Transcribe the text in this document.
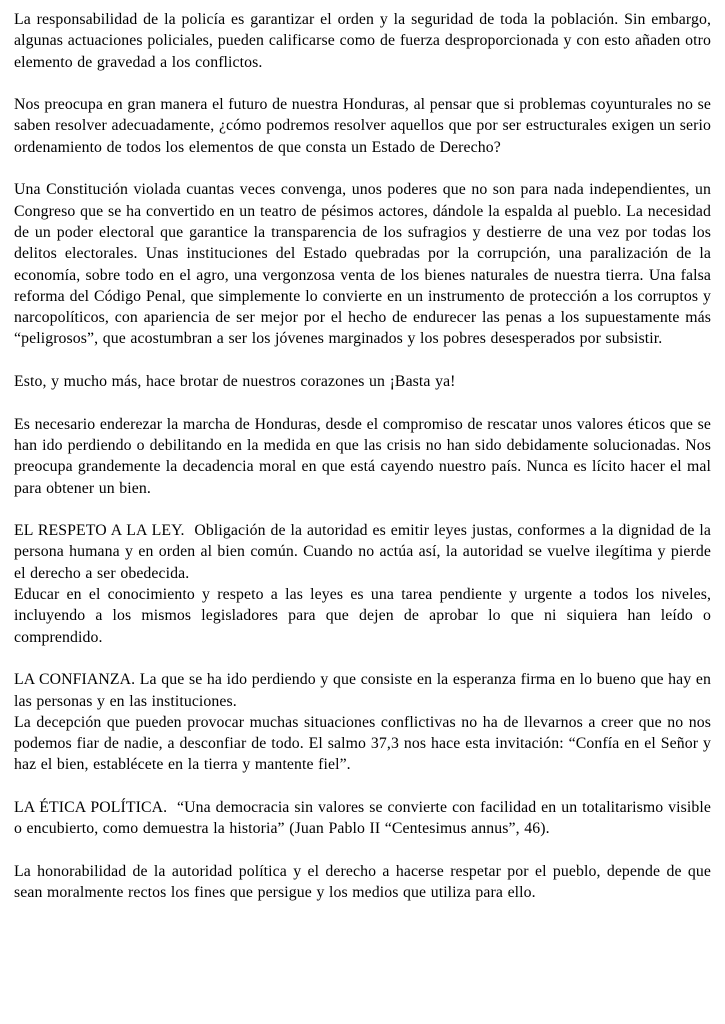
La responsabilidad de la policía es garantizar el orden y la seguridad de toda la población. Sin embargo, algunas actuaciones policiales, pueden calificarse como de fuerza desproporcionada y con esto añaden otro elemento de gravedad a los conflictos.

Nos preocupa en gran manera el futuro de nuestra Honduras, al pensar que si problemas coyunturales no se saben resolver adecuadamente, ¿cómo podremos resolver aquellos que por ser estructurales exigen un serio ordenamiento de todos los elementos de que consta un Estado de Derecho?

Una Constitución violada cuantas veces convenga, unos poderes que no son para nada independientes, un Congreso que se ha convertido en un teatro de pésimos actores, dándole la espalda al pueblo. La necesidad de un poder electoral que garantice la transparencia de los sufragios y destierre de una vez por todas los delitos electorales. Unas instituciones del Estado quebradas por la corrupción, una paralización de la economía, sobre todo en el agro, una vergonzosa venta de los bienes naturales de nuestra tierra. Una falsa reforma del Código Penal, que simplemente lo convierte en un instrumento de protección a los corruptos y narcopolíticos, con apariencia de ser mejor por el hecho de endurecer las penas a los supuestamente más “peligrosos”, que acostumbran a ser los jóvenes marginados y los pobres desesperados por subsistir.

Esto, y mucho más, hace brotar de nuestros corazones un ¡Basta ya!

Es necesario enderezar la marcha de Honduras, desde el compromiso de rescatar unos valores éticos que se han ido perdiendo o debilitando en la medida en que las crisis no han sido debidamente solucionadas. Nos preocupa grandemente la decadencia moral en que está cayendo nuestro país. Nunca es lícito hacer el mal para obtener un bien.

EL RESPETO A LA LEY.  Obligación de la autoridad es emitir leyes justas, conformes a la dignidad de la persona humana y en orden al bien común. Cuando no actúa así, la autoridad se vuelve ilegítima y pierde el derecho a ser obedecida.

Educar en el conocimiento y respeto a las leyes es una tarea pendiente y urgente a todos los niveles, incluyendo a los mismos legisladores para que dejen de aprobar lo que ni siquiera han leído o comprendido.

LA CONFIANZA. La que se ha ido perdiendo y que consiste en la esperanza firma en lo bueno que hay en las personas y en las instituciones.

La decepción que pueden provocar muchas situaciones conflictivas no ha de llevarnos a creer que no nos podemos fiar de nadie, a desconfiar de todo. El salmo 37,3 nos hace esta invitación: “Confía en el Señor y haz el bien, establécete en la tierra y mantente fiel”.

LA ÉTICA POLÍTICA.  “Una democracia sin valores se convierte con facilidad en un totalitarismo visible o encubierto, como demuestra la historia” (Juan Pablo II “Centesimus annus”, 46).

La honorabilidad de la autoridad política y el derecho a hacerse respetar por el pueblo, depende de que sean moralmente rectos los fines que persigue y los medios que utiliza para ello.
